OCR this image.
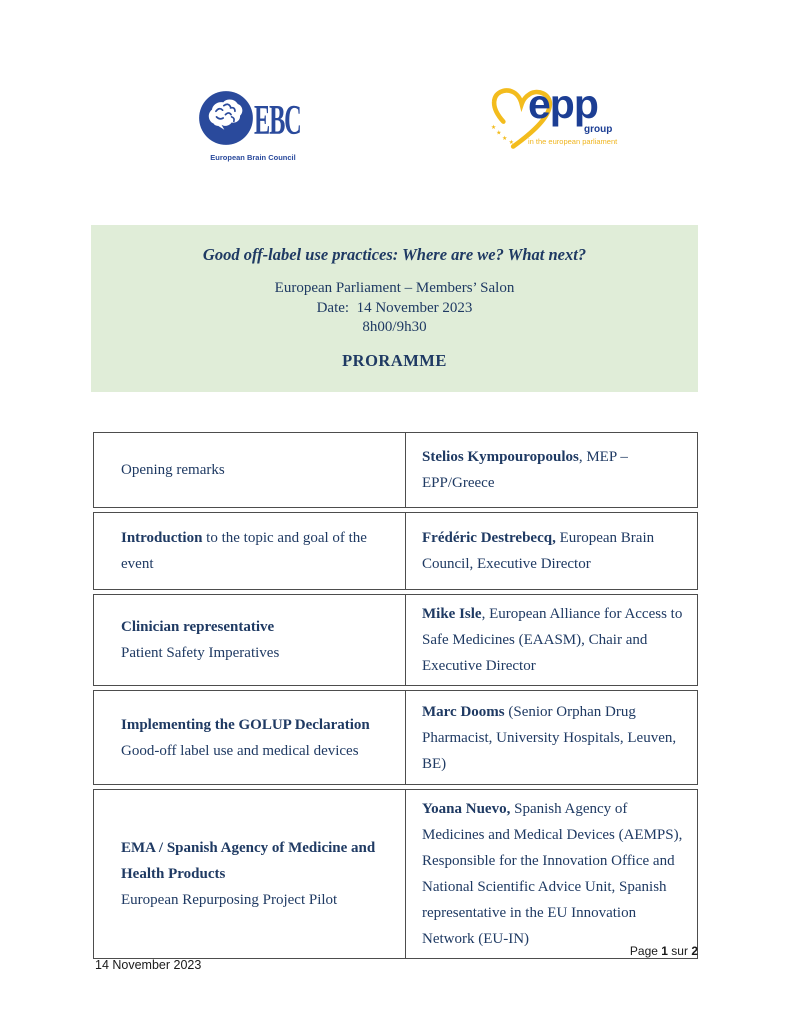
EBC
European Brain Council
★
★
★
★
epp
group
in the european parliament
Good off-label use practices: Where are we? What next?
European Parliament – Members’ Salon
Date:  14 November 2023
8h00/9h30
PRORAMME
Opening remarks
Stelios Kympouropoulos, MEP – EPP/Greece
Introduction to the topic and goal of the event
Frédéric Destrebecq, European Brain Council, Executive Director
Clinician representative
Patient Safety Imperatives
Mike Isle, European Alliance for Access to Safe Medicines (EAASM), Chair and Executive Director
Implementing the GOLUP Declaration
Good-off label use and medical devices
Marc Dooms (Senior Orphan Drug Pharmacist, University Hospitals, Leuven, BE)
EMA / Spanish Agency of Medicine and Health Products
European Repurposing Project Pilot
Yoana Nuevo, Spanish Agency of Medicines and Medical Devices (AEMPS), Responsible for the Innovation Office and National Scientific Advice Unit, Spanish representative in the EU Innovation Network (EU-IN)
Page 1 sur 2
14 November 2023
